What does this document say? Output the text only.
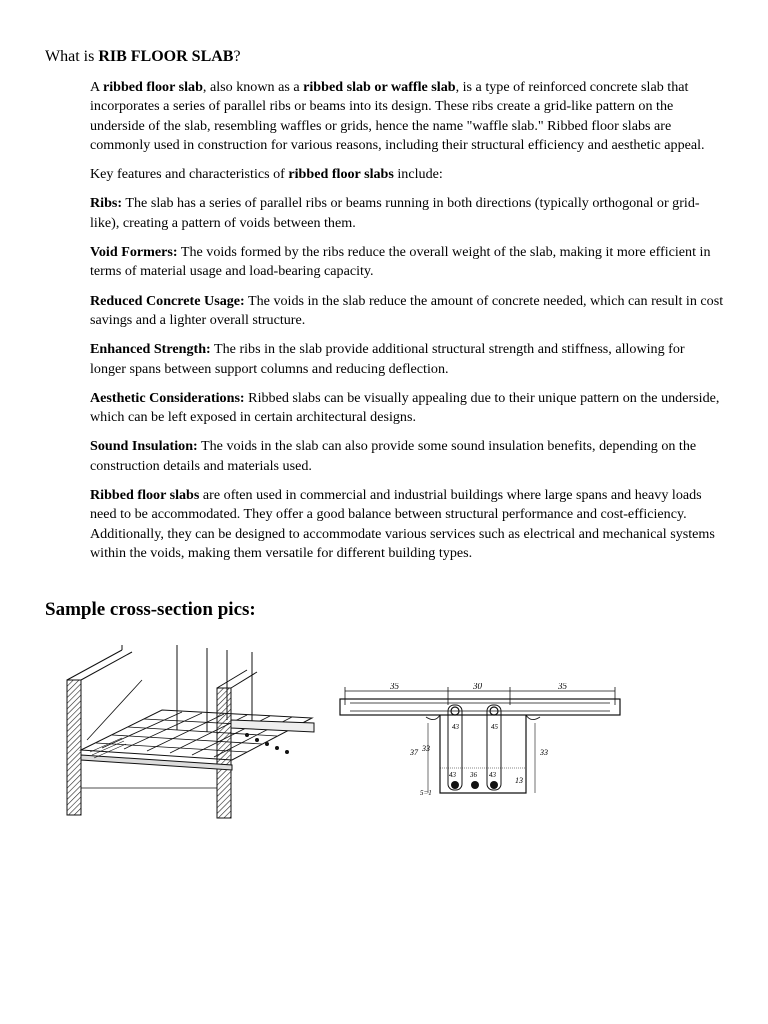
What is RIB FLOOR SLAB?

A ribbed floor slab, also known as a ribbed slab or waffle slab, is a type of reinforced concrete slab that incorporates a series of parallel ribs or beams into its design. These ribs create a grid-like pattern on the underside of the slab, resembling waffles or grids, hence the name "waffle slab." Ribbed floor slabs are commonly used in construction for various reasons, including their structural efficiency and aesthetic appeal.

Key features and characteristics of ribbed floor slabs include:

Ribs: The slab has a series of parallel ribs or beams running in both directions (typically orthogonal or grid-like), creating a pattern of voids between them.

Void Formers: The voids formed by the ribs reduce the overall weight of the slab, making it more efficient in terms of material usage and load-bearing capacity.

Reduced Concrete Usage: The voids in the slab reduce the amount of concrete needed, which can result in cost savings and a lighter overall structure.

Enhanced Strength: The ribs in the slab provide additional structural strength and stiffness, allowing for longer spans between support columns and reducing deflection.

Aesthetic Considerations: Ribbed slabs can be visually appealing due to their unique pattern on the underside, which can be left exposed in certain architectural designs.

Sound Insulation: The voids in the slab can also provide some sound insulation benefits, depending on the construction details and materials used.

Ribbed floor slabs are often used in commercial and industrial buildings where large spans and heavy loads need to be accommodated. They offer a good balance between structural performance and cost-efficiency. Additionally, they can be designed to accommodate various services such as electrical and mechanical systems within the voids, making them versatile for different building types.

Sample cross-section pics:
35	30	35
43	45
43 36 43
37 33	33
13
5=1
